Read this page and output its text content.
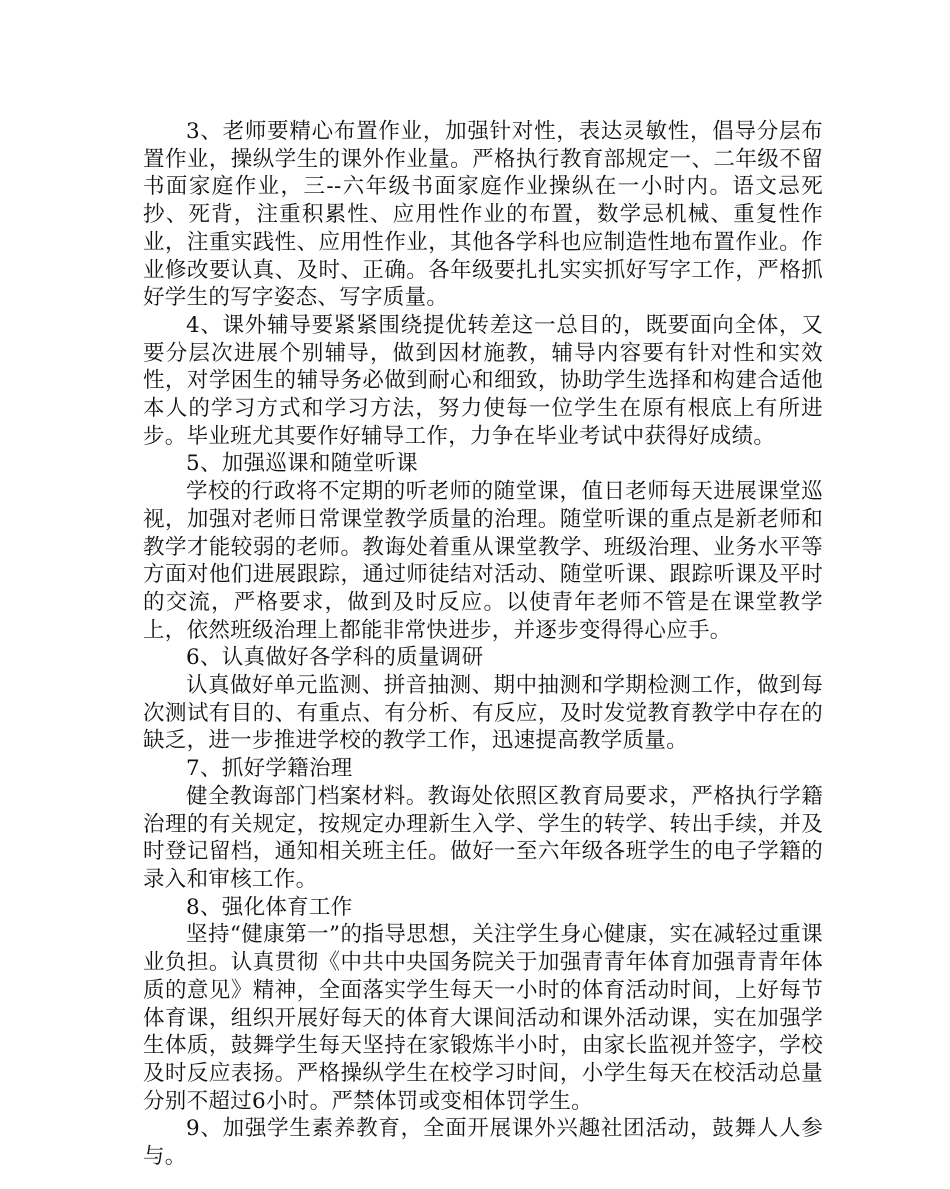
3、老师要精心布置作业，加强针对性，表达灵敏性，倡导分层布置作业，操纵学生的课外作业量。严格执行教育部规定一、二年级不留书面家庭作业，三--六年级书面家庭作业操纵在一小时内。语文忌死抄、死背，注重积累性、应用性作业的布置，数学忌机械、重复性作业，注重实践性、应用性作业，其他各学科也应制造性地布置作业。作业修改要认真、及时、正确。各年级要扎扎实实抓好写字工作，严格抓好学生的写字姿态、写字质量。

4、课外辅导要紧紧围绕提优转差这一总目的，既要面向全体，又要分层次进展个别辅导，做到因材施教，辅导内容要有针对性和实效性，对学困生的辅导务必做到耐心和细致，协助学生选择和构建合适他本人的学习方式和学习方法，努力使每一位学生在原有根底上有所进步。毕业班尤其要作好辅导工作，力争在毕业考试中获得好成绩。

5、加强巡课和随堂听课

学校的行政将不定期的听老师的随堂课，值日老师每天进展课堂巡视，加强对老师日常课堂教学质量的治理。随堂听课的重点是新老师和教学才能较弱的老师。教诲处着重从课堂教学、班级治理、业务水平等方面对他们进展跟踪，通过师徒结对活动、随堂听课、跟踪听课及平时的交流，严格要求，做到及时反应。以使青年老师不管是在课堂教学上，依然班级治理上都能非常快进步，并逐步变得得心应手。

6、认真做好各学科的质量调研

认真做好单元监测、拼音抽测、期中抽测和学期检测工作，做到每次测试有目的、有重点、有分析、有反应，及时发觉教育教学中存在的缺乏，进一步推进学校的教学工作，迅速提高教学质量。

7、抓好学籍治理

健全教诲部门档案材料。教诲处依照区教育局要求，严格执行学籍治理的有关规定，按规定办理新生入学、学生的转学、转出手续，并及时登记留档，通知相关班主任。做好一至六年级各班学生的电子学籍的录入和审核工作。

8、强化体育工作

坚持“健康第一”的指导思想，关注学生身心健康，实在减轻过重课业负担。认真贯彻《中共中央国务院关于加强青青年体育加强青青年体质的意见》精神，全面落实学生每天一小时的体育活动时间，上好每节体育课，组织开展好每天的体育大课间活动和课外活动课，实在加强学生体质，鼓舞学生每天坚持在家锻炼半小时，由家长监视并签字，学校及时反应表扬。严格操纵学生在校学习时间，小学生每天在校活动总量分别不超过6小时。严禁体罚或变相体罚学生。

9、加强学生素养教育，全面开展课外兴趣社团活动，鼓舞人人参与。
